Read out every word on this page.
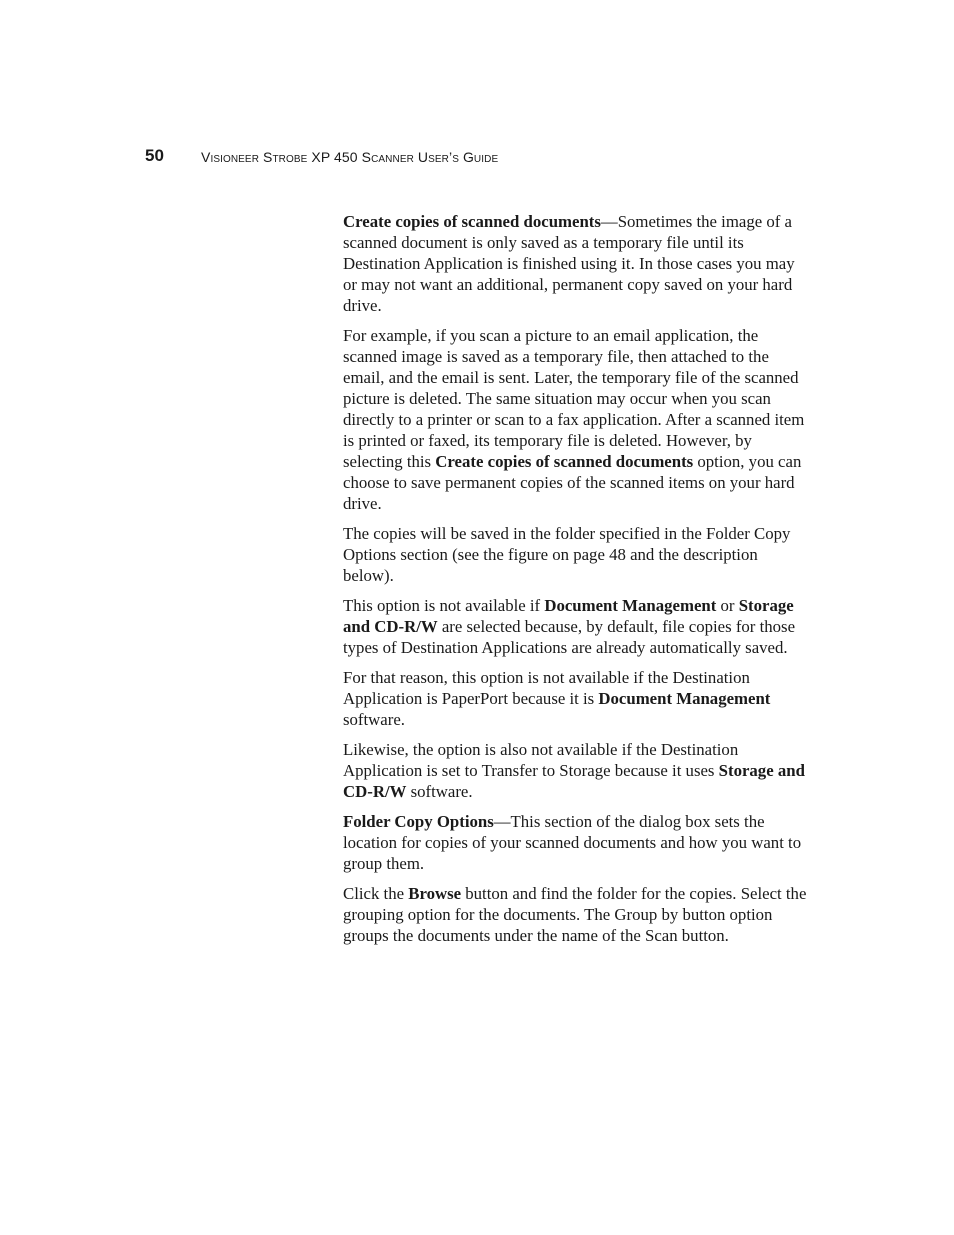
50	Visioneer Strobe XP 450 Scanner User’s Guide

Create copies of scanned documents—Sometimes the image of a scanned document is only saved as a temporary file until its Destination Application is finished using it. In those cases you may or may not want an additional, permanent copy saved on your hard drive.

For example, if you scan a picture to an email application, the scanned image is saved as a temporary file, then attached to the email, and the email is sent. Later, the temporary file of the scanned picture is deleted. The same situation may occur when you scan directly to a printer or scan to a fax application. After a scanned item is printed or faxed, its temporary file is deleted. However, by selecting this Create copies of scanned documents option, you can choose to save permanent copies of the scanned items on your hard drive.

The copies will be saved in the folder specified in the Folder Copy Options section (see the figure on page 48 and the description below).

This option is not available if Document Management or Storage and CD-R/W are selected because, by default, file copies for those types of Destination Applications are already automatically saved.

For that reason, this option is not available if the Destination Application is PaperPort because it is Document Management software.

Likewise, the option is also not available if the Destination Application is set to Transfer to Storage because it uses Storage and CD-R/W software.

Folder Copy Options—This section of the dialog box sets the location for copies of your scanned documents and how you want to group them.

Click the Browse button and find the folder for the copies. Select the grouping option for the documents. The Group by button option groups the documents under the name of the Scan button.
